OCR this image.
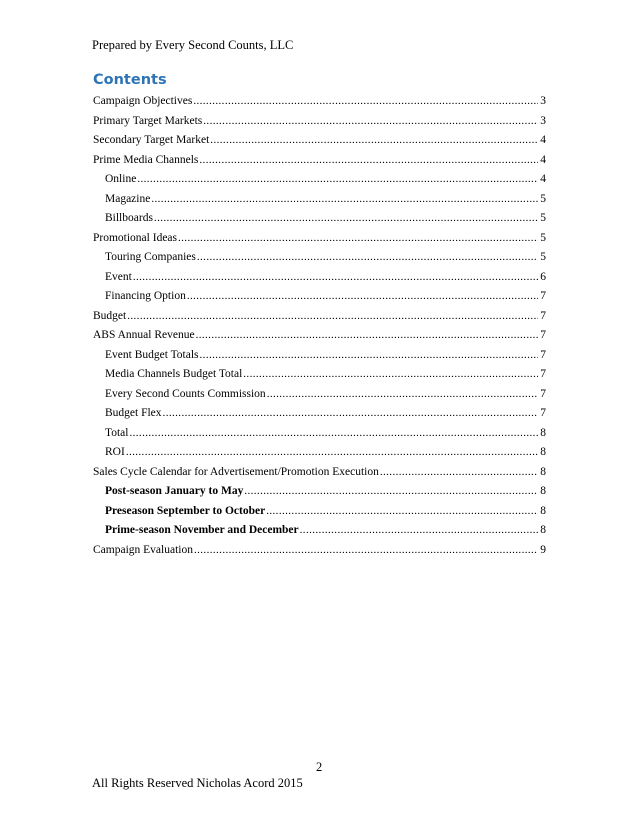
Prepared by Every Second Counts, LLC
Contents
Campaign Objectives .....	3
Primary Target Markets .....	3
Secondary Target Market .....	4
Prime Media Channels .....	4
Online .....	4
Magazine .....	5
Billboards .....	5
Promotional Ideas .....	5
Touring Companies .....	5
Event .....	6
Financing Option .....	7
Budget .....	7
ABS Annual Revenue .....	7
Event Budget Totals .....	7
Media Channels Budget Total .....	7
Every Second Counts Commission .....	7
Budget Flex .....	7
Total .....	8
ROI .....	8
Sales Cycle Calendar for Advertisement/Promotion Execution .....	8
Post-season January to May .....	8
Preseason September to October .....	8
Prime-season November and December .....	8
Campaign Evaluation .....	9
2
All Rights Reserved Nicholas Acord 2015
